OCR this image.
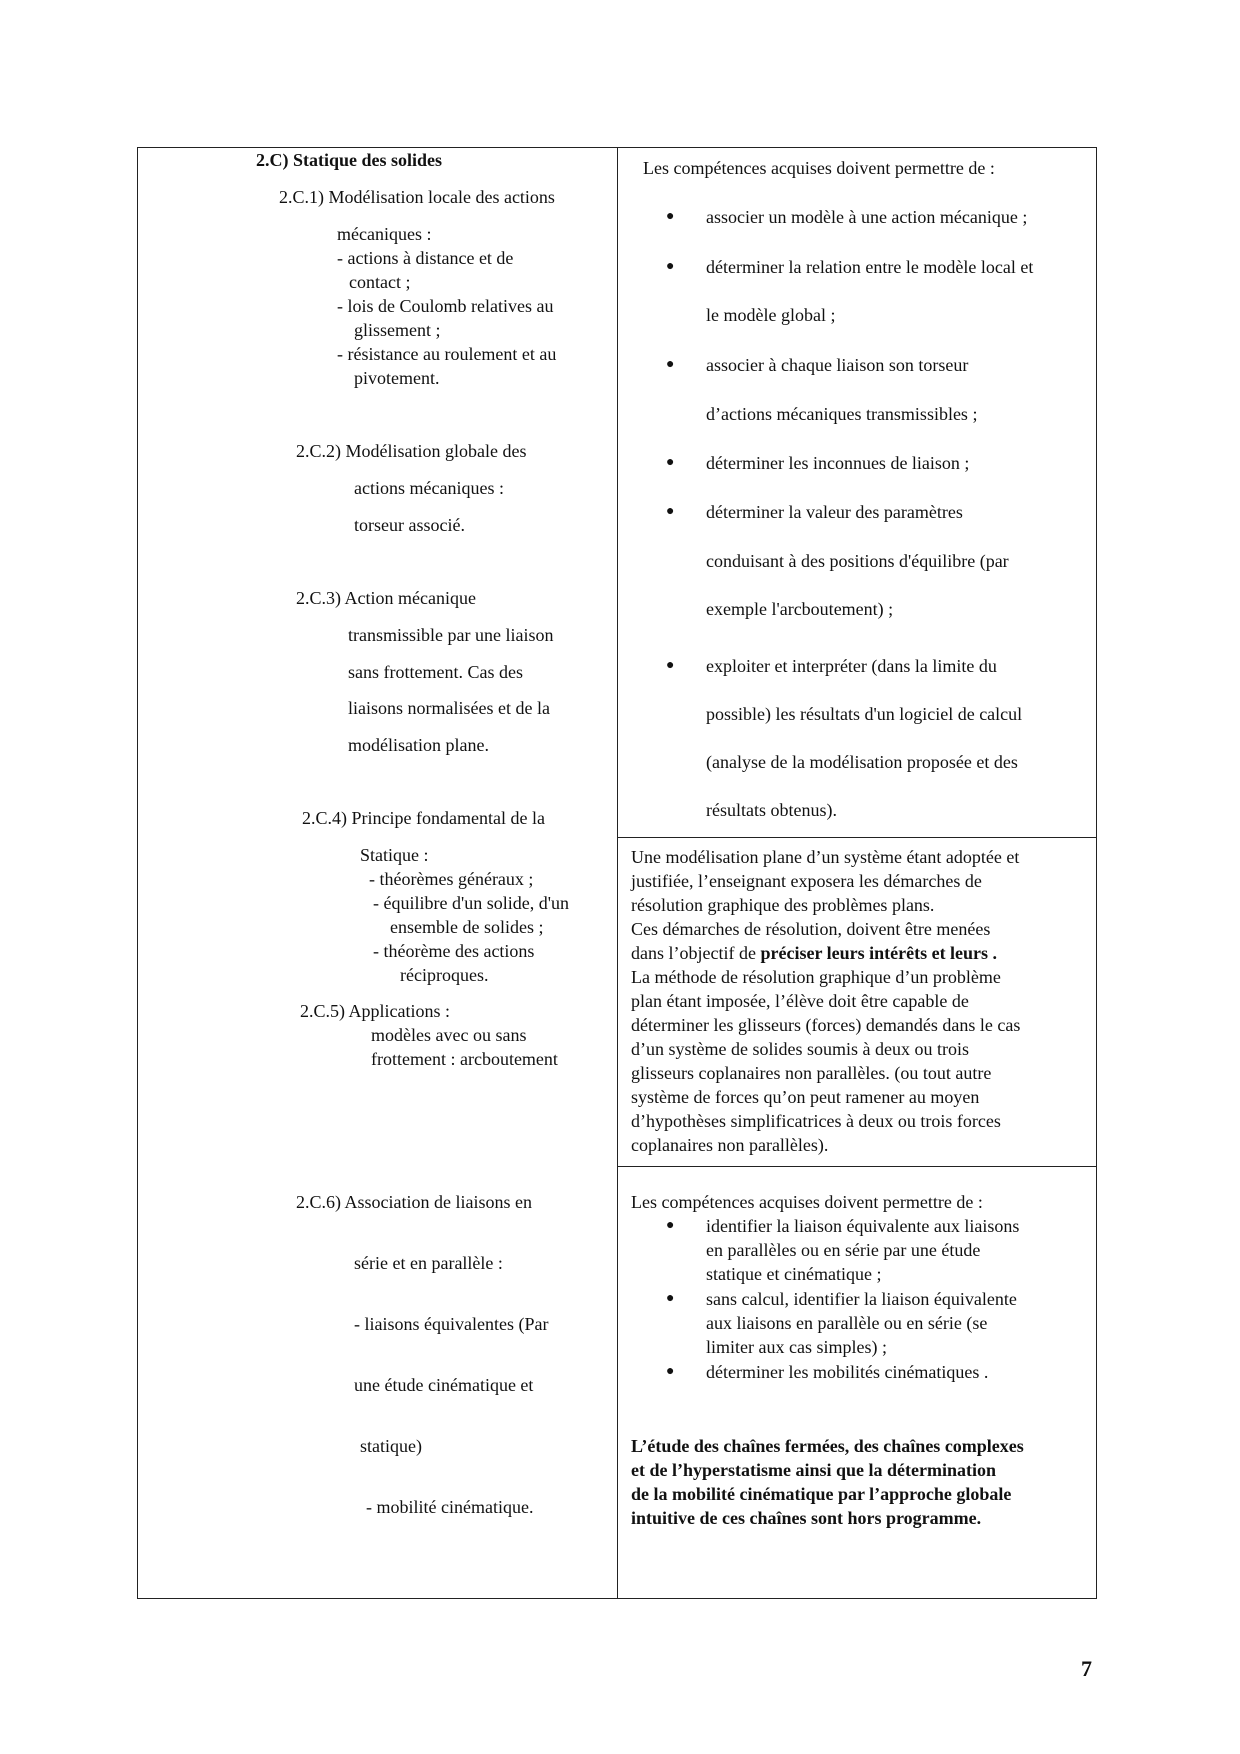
2.C) Statique des solides
2.C.1) Modélisation locale des actions
mécaniques :
- actions à distance et de
contact ;
- lois de Coulomb relatives au
glissement ;
- résistance au roulement et au
pivotement.
2.C.2) Modélisation globale des
actions mécaniques :
torseur associé.
2.C.3) Action mécanique
transmissible par une liaison
sans frottement. Cas des
liaisons normalisées et de la
modélisation plane.
2.C.4) Principe fondamental de la
Statique :
- théorèmes généraux ;
- équilibre d'un solide, d'un
ensemble de solides ;
- théorème des actions
réciproques.
2.C.5) Applications :
modèles avec ou sans
frottement : arcboutement
2.C.6) Association de liaisons en
série et en parallèle :
- liaisons équivalentes (Par
une étude cinématique et
statique)
- mobilité cinématique.
Les compétences acquises doivent permettre de :
● associer un modèle à une action mécanique ;
● déterminer la relation entre le modèle local et
le modèle global ;
● associer à chaque liaison son torseur
d’actions mécaniques transmissibles ;
● déterminer les inconnues de liaison ;
● déterminer la valeur des paramètres
conduisant à des positions d'équilibre (par
exemple l'arcboutement) ;
● exploiter et interpréter (dans la limite du
possible) les résultats d'un logiciel de calcul
(analyse de la modélisation proposée et des
résultats obtenus).
Une modélisation plane d’un système étant adoptée et
justifiée, l’enseignant exposera les démarches de
résolution graphique des problèmes plans.
Ces démarches de résolution, doivent être menées
dans l’objectif de préciser leurs intérêts et leurs .
La méthode de résolution graphique d’un problème
plan étant imposée, l’élève doit être capable de
déterminer les glisseurs (forces) demandés dans le cas
d’un système de solides soumis à deux ou trois
glisseurs coplanaires non parallèles. (ou tout autre
système de forces qu’on peut ramener au moyen
d’hypothèses simplificatrices à deux ou trois forces
coplanaires non parallèles).
Les compétences acquises doivent permettre de :
● identifier la liaison équivalente aux liaisons
en parallèles ou en série par une étude
statique et cinématique ;
● sans calcul, identifier la liaison équivalente
aux liaisons en parallèle ou en série (se
limiter aux cas simples) ;
● déterminer les mobilités cinématiques .
L’étude des chaînes fermées, des chaînes complexes
et de l’hyperstatisme ainsi que la détermination
de la mobilité cinématique par l’approche globale
intuitive de ces chaînes sont hors programme.
7
